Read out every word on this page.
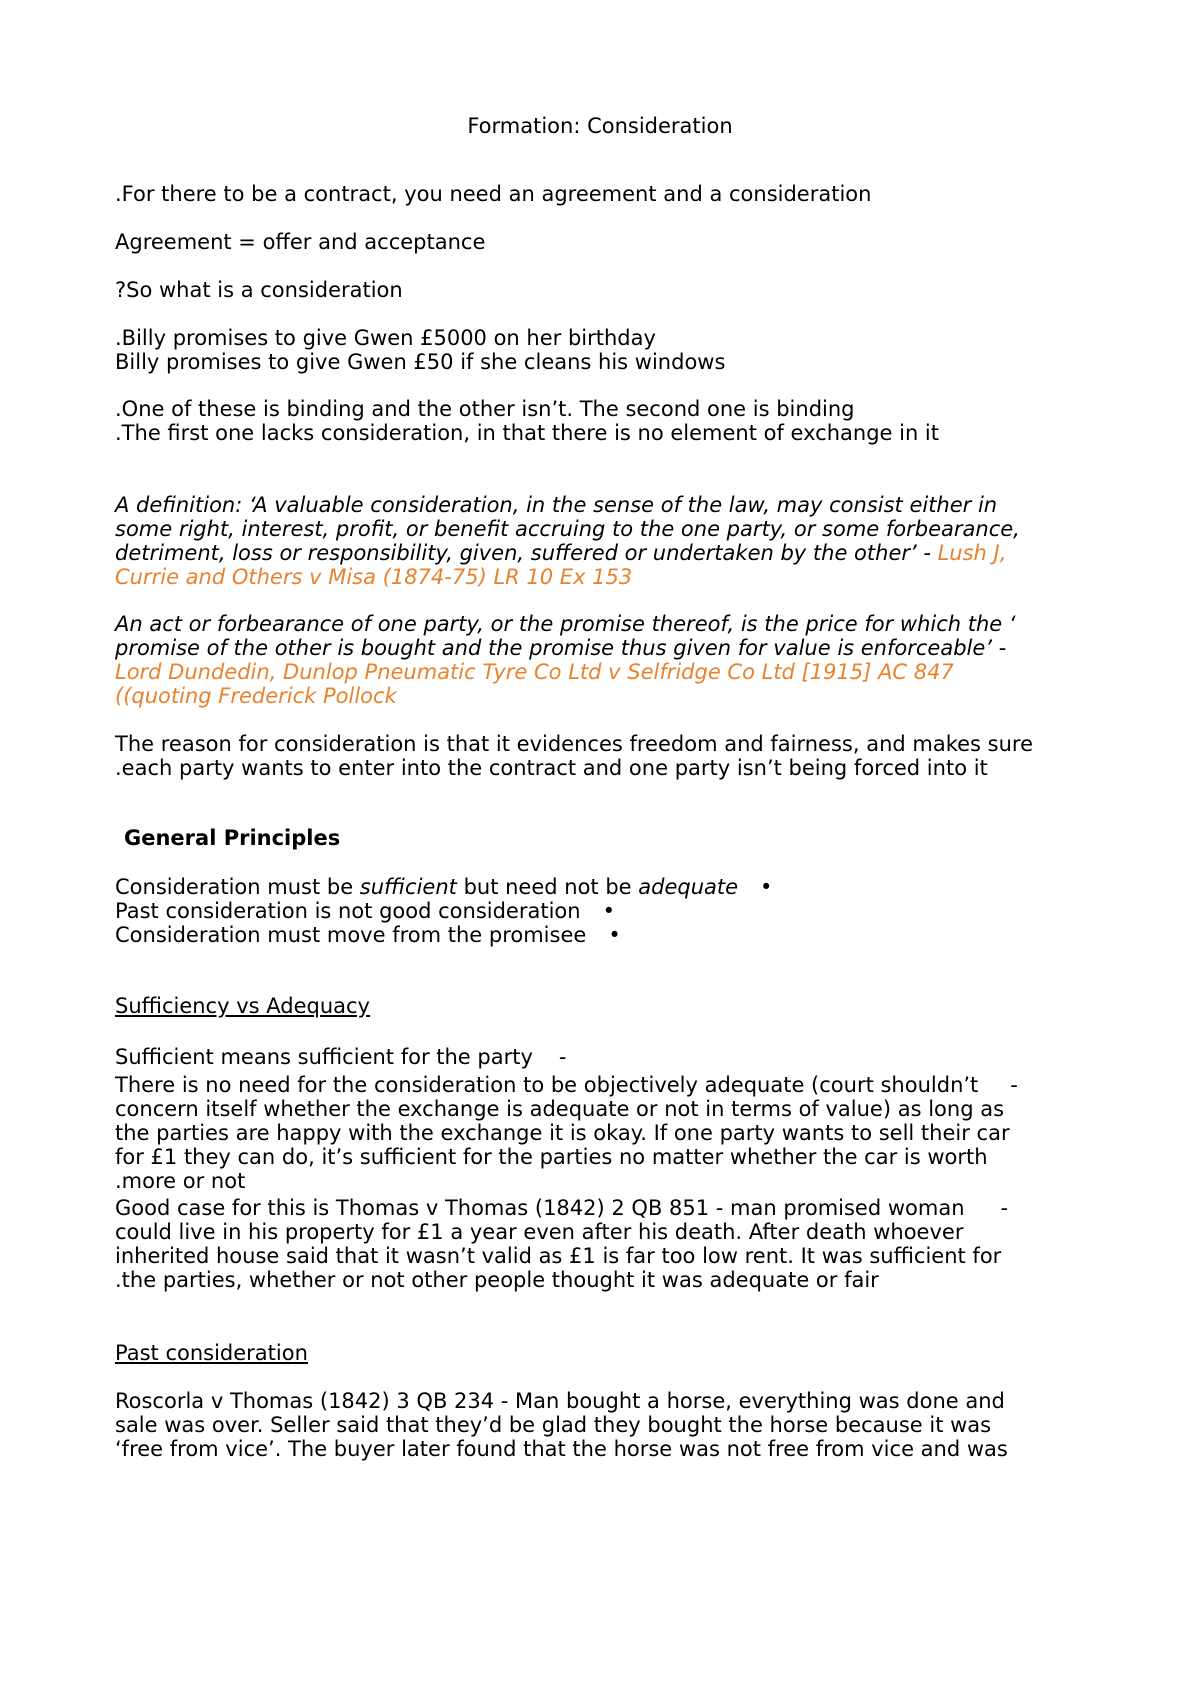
Formation: Consideration

.For there to be a contract, you need an agreement and a consideration

Agreement = offer and acceptance

?So what is a consideration

.Billy promises to give Gwen £5000 on her birthday

Billy promises to give Gwen £50 if she cleans his windows

.One of these is binding and the other isn’t. The second one is binding

.The first one lacks consideration, in that there is no element of exchange in it

A definition: ‘A valuable consideration, in the sense of the law, may consist either in

some right, interest, profit, or benefit accruing to the one party, or some forbearance,

detriment, loss or responsibility, given, suffered or undertaken by the other’ - Lush J,

Currie and Others v Misa (1874-75) LR 10 Ex 153

An act or forbearance of one party, or the promise thereof, is the price for which the ‘

promise of the other is bought and the promise thus given for value is enforceable’ -

Lord Dundedin, Dunlop Pneumatic Tyre Co Ltd v Selfridge Co Ltd [1915] AC 847

((quoting Frederick Pollock

The reason for consideration is that it evidences freedom and fairness, and makes sure

.each party wants to enter into the contract and one party isn’t being forced into it

General Principles

Consideration must be sufficient but need not be adequate •

Past consideration is not good consideration •

Consideration must move from the promisee •

Sufficiency vs Adequacy

Sufficient means sufficient for the party -

There is no need for the consideration to be objectively adequate (court shouldn’t -

concern itself whether the exchange is adequate or not in terms of value) as long as

the parties are happy with the exchange it is okay. If one party wants to sell their car

for £1 they can do, it’s sufficient for the parties no matter whether the car is worth

.more or not

Good case for this is Thomas v Thomas (1842) 2 QB 851 - man promised woman -

could live in his property for £1 a year even after his death. After death whoever

inherited house said that it wasn’t valid as £1 is far too low rent. It was sufficient for

.the parties, whether or not other people thought it was adequate or fair

Past consideration

Roscorla v Thomas (1842) 3 QB 234 - Man bought a horse, everything was done and

sale was over. Seller said that they’d be glad they bought the horse because it was

‘free from vice’. The buyer later found that the horse was not free from vice and was
